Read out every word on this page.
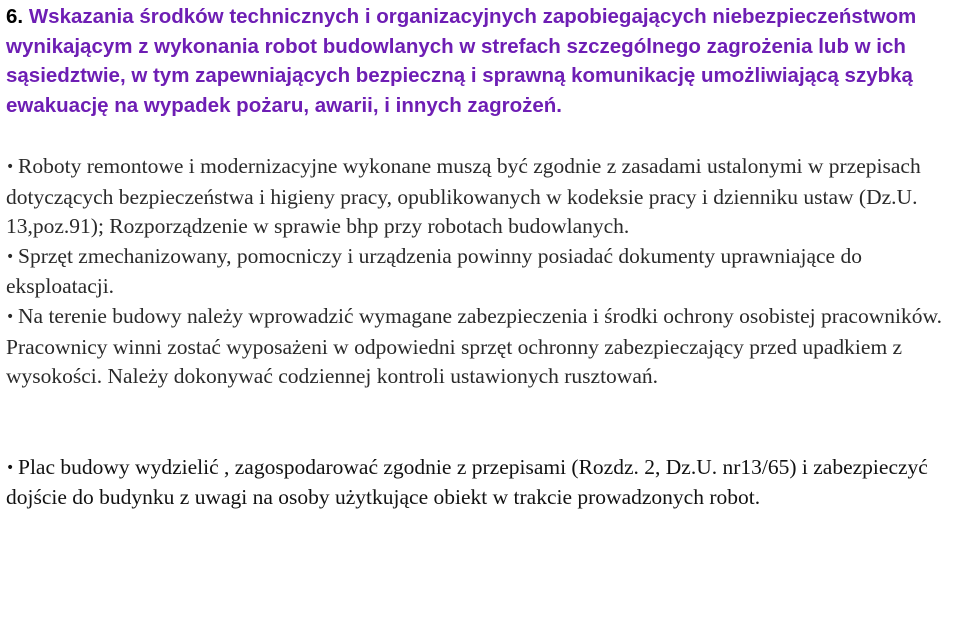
6. Wskazania środków technicznych i organizacyjnych zapobiegających niebezpieczeństwom wynikającym z wykonania robot budowlanych w strefach szczególnego zagrożenia lub w ich sąsiedztwie, w tym zapewniających bezpieczną i sprawną komunikację umożliwiającą szybką ewakuację na wypadek pożaru, awarii, i innych zagrożeń.
• Roboty remontowe i modernizacyjne wykonane muszą być zgodnie z zasadami ustalonymi w przepisach dotyczących bezpieczeństwa i higieny pracy, opublikowanych w kodeksie pracy i dzienniku ustaw (Dz.U. 13,poz.91); Rozporządzenie w sprawie bhp przy robotach budowlanych.
• Sprzęt zmechanizowany, pomocniczy i urządzenia powinny posiadać dokumenty uprawniające do eksploatacji.
• Na terenie budowy należy wprowadzić wymagane zabezpieczenia i środki ochrony osobistej pracowników. Pracownicy winni zostać wyposażeni w odpowiedni sprzęt ochronny zabezpieczający przed upadkiem z wysokości. Należy dokonywać codziennej kontroli ustawionych rusztowań.
• Plac budowy wydzielić , zagospodarować zgodnie z przepisami (Rozdz. 2, Dz.U. nr13/65) i zabezpieczyć dojście do budynku z uwagi na osoby użytkujące obiekt w trakcie prowadzonych robot.
